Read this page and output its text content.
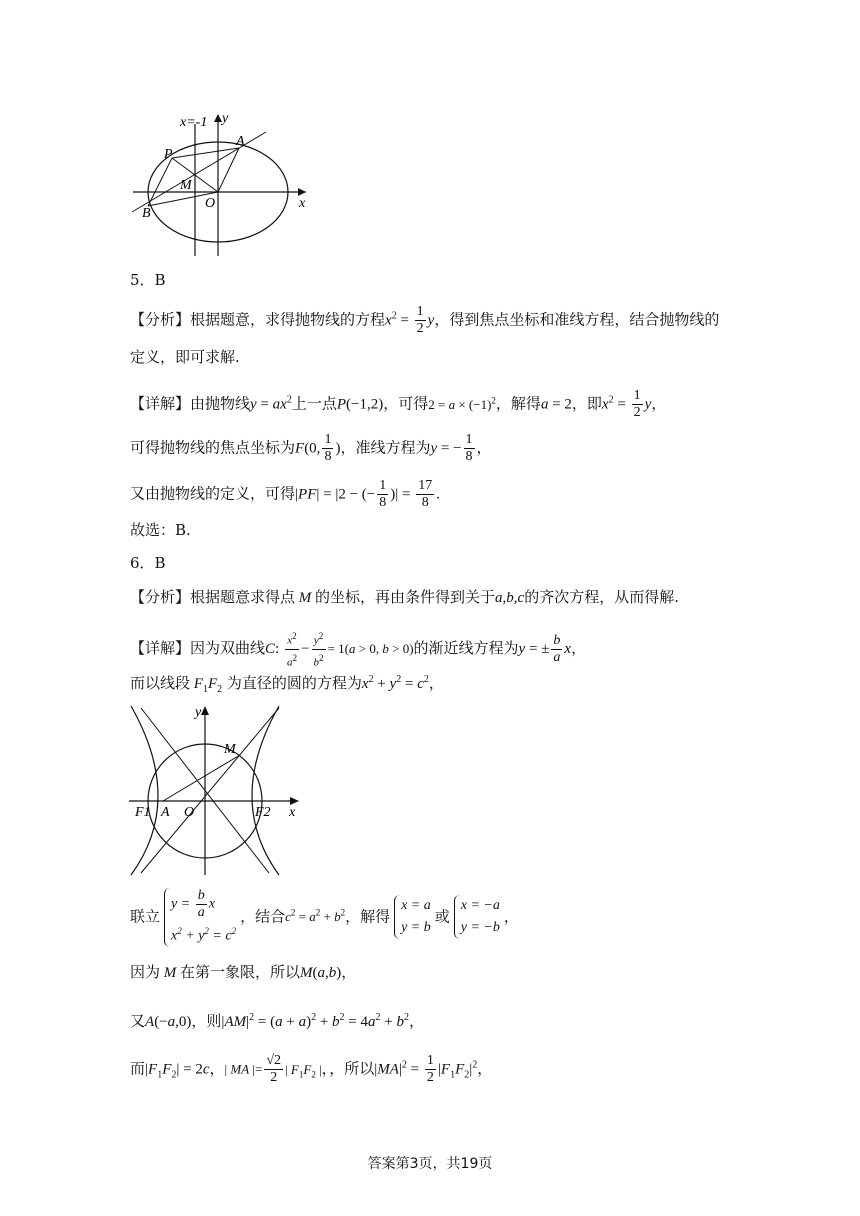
x=-1 y
A
P
M
O	x
B
5．B
【分析】根据题意，求得抛物线的方程$x^2 = \frac{1}{2}$ y，得到焦点坐标和准线方程，结合抛物线的
定义，即可求解.
【详解】由抛物线$y = ax^2$上一点P(−1,2)，可得$2 = a \times (-1)^2$，解得a = 2，即$x^2 = \frac{1}{2}$ y，
可得抛物线的焦点坐标为F(0, $\frac{1}{8}$ )，准线方程为y = − $\frac{1}{8}$ ，
又由抛物线的定义，可得|PF| = |2 − (− $\frac{1}{8}$ )| = $\frac{17}{8}$ .
故选：B.
6．B
【分析】根据题意求得点 M 的坐标，再由条件得到关于a,b,c的齐次方程，从而得解.
【详解】因为双曲线C: $\frac{x^2}{a^2} - \frac{y^2}{b^2} = 1(a > 0$, b > 0)的渐近线方程为y = ± $\frac{b}{a}$ x，
而以线段 $F_1F_2$ 为直径的圆的方程为$x^2 + y^2 = c^2$，
y
M
F1 A O	F2 x
联立
$y = \frac{b}{a}$ x
$x^2 + y^2 = c^2$
，结合$c^2 = a^2 + b^2$，解得
x = a
y = b
或
x = −a
y = −b
，
因为 M 在第一象限，所以M(a,b)，
又A(−a,0)，则$|AM|^2 = (a + a)^2 + b^2 = 4a^2 + b^2$，
而$|F_1F_2| = 2c$，| MA |= $\frac{√2}{2}$ | $F_1F_2$ |，，所以$|MA|^2 = \frac{1}{2} |F_1F_2|^2$，
答案第3页，共19页
